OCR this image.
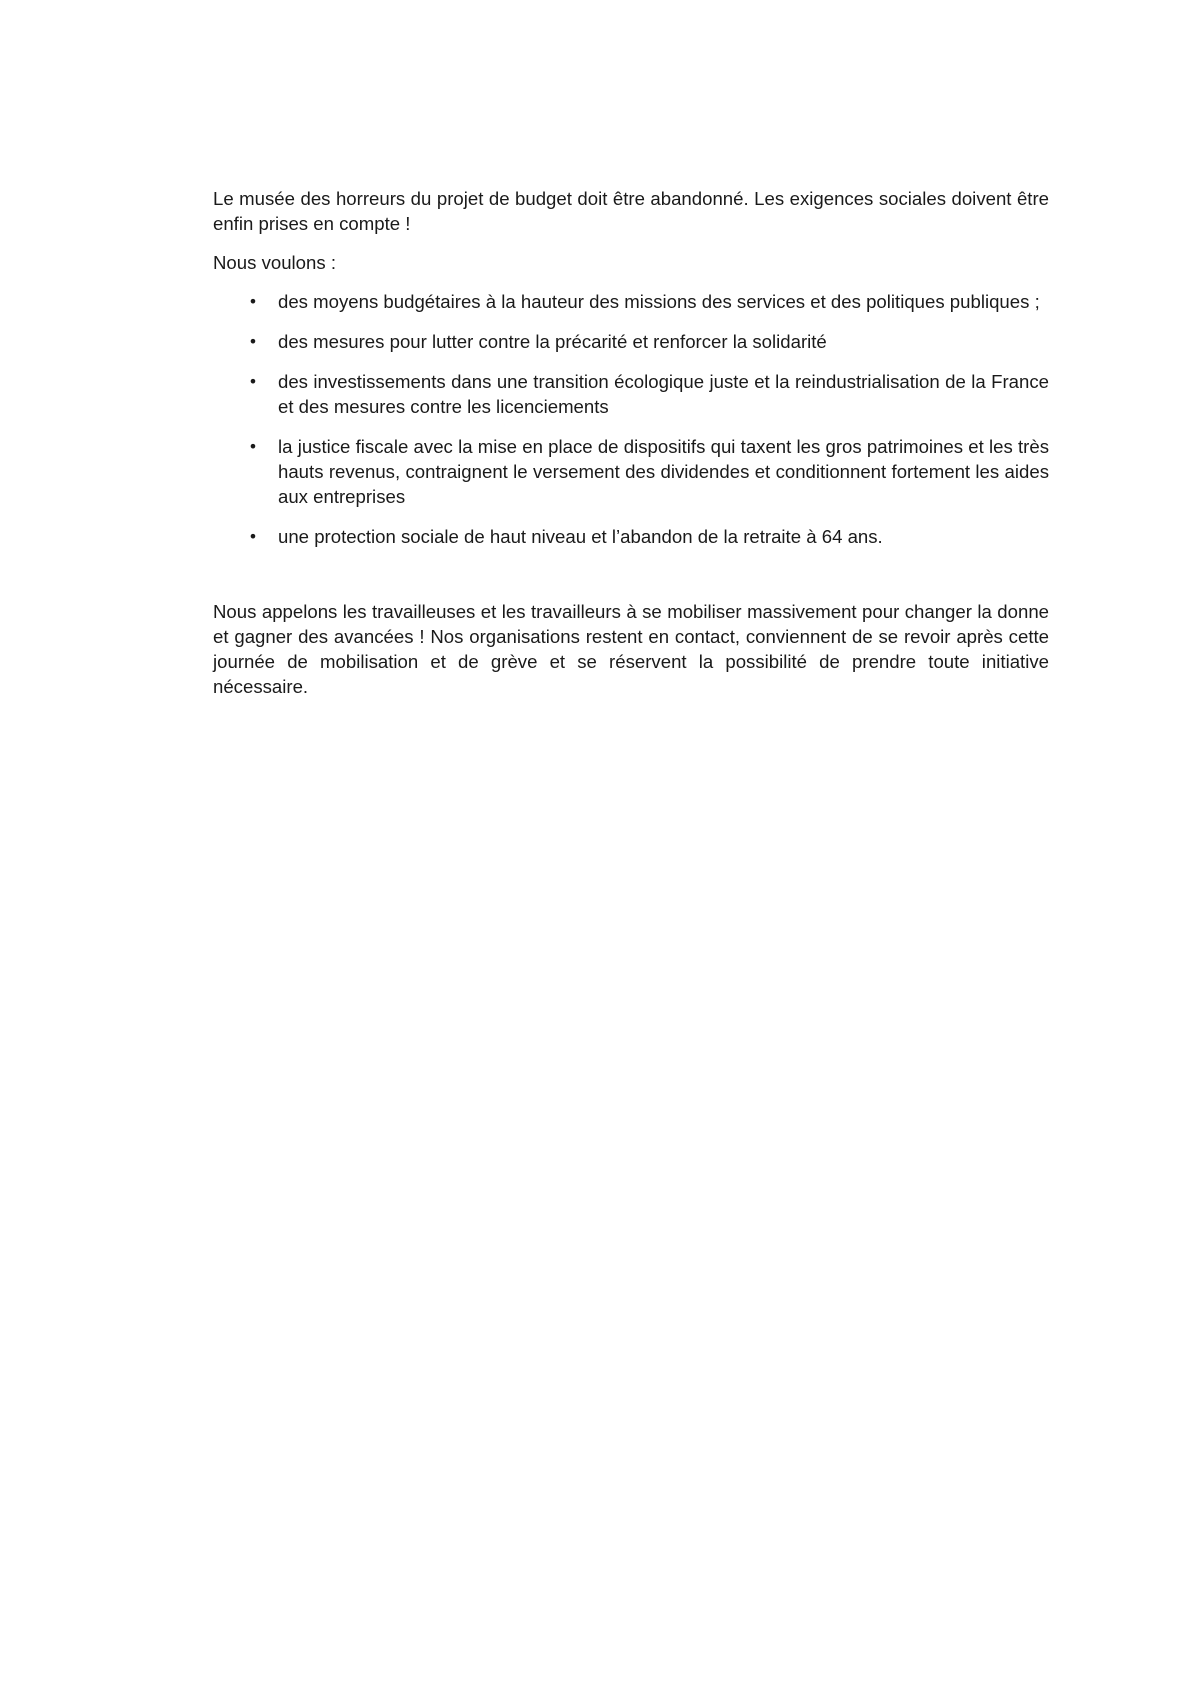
Le musée des horreurs du projet de budget doit être abandonné. Les exigences sociales doivent être enfin prises en compte !

Nous voulons :

• des moyens budgétaires à la hauteur des missions des services et des politiques publiques ;
• des mesures pour lutter contre la précarité et renforcer la solidarité
• des investissements dans une transition écologique juste et la reindustrialisation de la France et des mesures contre les licenciements
• la justice fiscale avec la mise en place de dispositifs qui taxent les gros patrimoines et les très hauts revenus, contraignent le versement des dividendes et conditionnent fortement les aides aux entreprises
• une protection sociale de haut niveau et l’abandon de la retraite à 64 ans.

Nous appelons les travailleuses et les travailleurs à se mobiliser massivement pour changer la donne et gagner des avancées ! Nos organisations restent en contact, conviennent de se revoir après cette journée de mobilisation et de grève et se réservent la possibilité de prendre toute initiative nécessaire.
